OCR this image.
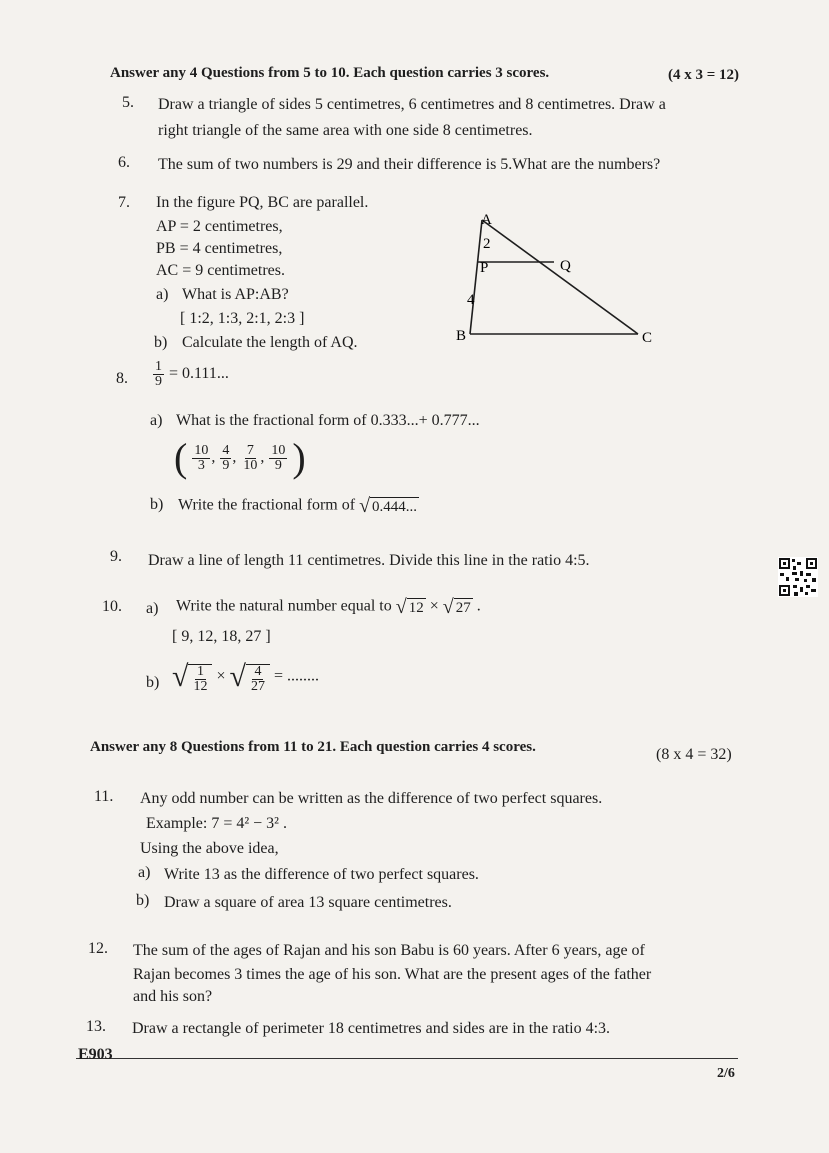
Answer any 4 Questions from 5 to 10. Each question carries 3 scores.	(4 x 3 = 12)
5. Draw a triangle of sides 5 centimetres, 6 centimetres and 8 centimetres. Draw a
right triangle of the same area with one side 8 centimetres.
6. The sum of two numbers is 29 and their difference is 5.What are the numbers?
7. In the figure PQ, BC are parallel.
AP = 2 centimetres,
PB = 4 centimetres,
AC = 9 centimetres.
a) What is AP:AB?
[ 1:2, 1:3, 2:1, 2:3 ]
b) Calculate the length of AQ.
A
2
P	Q
4
B	C
8. $\frac{1}{9} = 0.111$...
a) What is the fractional form of 0.333...+ 0.777...
( $\frac{10}{3}$ , $\frac{4}{9}$ , $\frac{7}{10}$ , $\frac{10}{9}$ )
b) Write the fractional form of √ 0.444...
9. Draw a line of length 11 centimetres. Divide this line in the ratio 4:5.
10. a) Write the natural number equal to √ 12 × √ 27 .
[ 9, 12, 18, 27 ]
b) √ $\frac{1}{12}$ × √ $\frac{4}{27}$ = ........
Answer any 8 Questions from 11 to 21. Each question carries 4 scores.	(8 x 4 = 32)
11. Any odd number can be written as the difference of two perfect squares.
Example: 7 = 4² − 3² .
Using the above idea,
a) Write 13 as the difference of two perfect squares.
b) Draw a square of area 13 square centimetres.
12. The sum of the ages of Rajan and his son Babu is 60 years. After 6 years, age of
Rajan becomes 3 times the age of his son. What are the present ages of the father
and his son?
13. Draw a rectangle of perimeter 18 centimetres and sides are in the ratio 4:3.
E903
2/6
